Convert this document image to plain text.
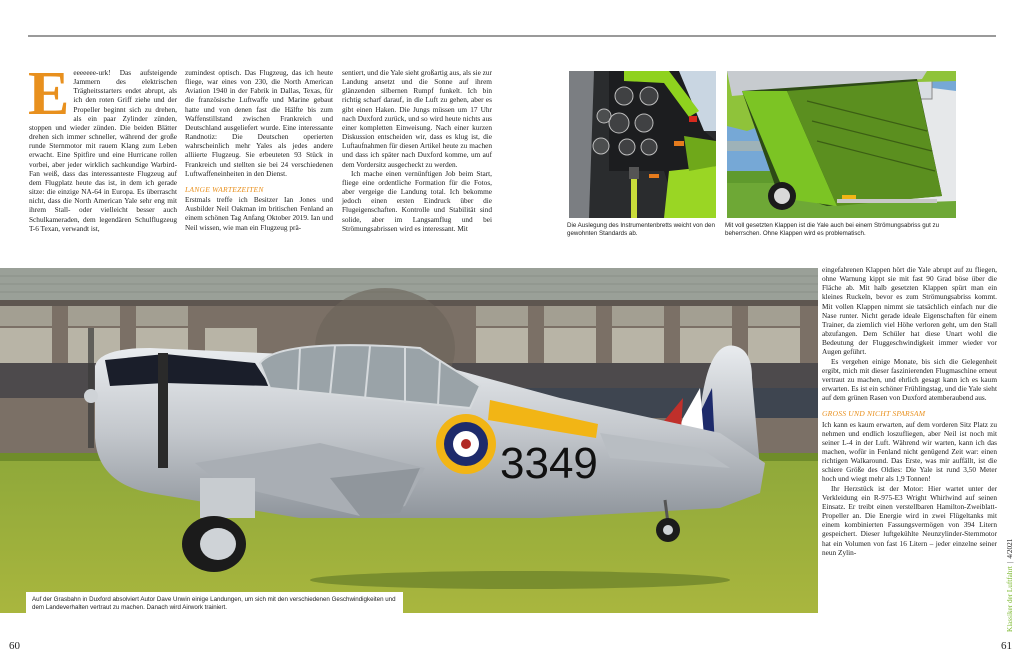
E eeeeeee-urk! Das aufsteigende Jammern des elektrischen Trägheitsstarters endet abrupt, als ich den roten Griff ziehe und der Propeller beginnt sich zu drehen, als ein paar Zylinder zünden, stoppen und wieder zünden. Die beiden Blätter drehen sich immer schneller, während der große runde Sternmotor mit rauem Klang zum Leben erwacht. Eine Spitfire und eine Hurricane rollen vorbei, aber jeder wirklich sachkundige Warbird-Fan weiß, dass das interessanteste Flugzeug auf dem Flugplatz heute das ist, in dem ich gerade sitze: die einzige NA-64 in Europa. Es überrascht nicht, dass die North American Yale sehr eng mit ihrem Stall- oder vielleicht besser auch Schulkameraden, dem legendären Schulflugzeug T-6 Texan, verwandt ist,

zumindest optisch. Das Flugzeug, das ich heute fliege, war eines von 230, die North American Aviation 1940 in der Fabrik in Dallas, Texas, für die französische Luftwaffe und Marine gebaut hatte und von denen fast die Hälfte bis zum Waffenstillstand zwischen Frankreich und Deutschland ausgeliefert wurde. Eine interessante Randnotiz: Die Deutschen operierten wahrscheinlich mehr Yales als jedes andere alliierte Flugzeug. Sie erbeuteten 93 Stück in Frankreich und stellten sie bei 24 verschiedenen Luftwaffeneinheiten in den Dienst.

LANGE WARTEZEITEN

Erstmals treffe ich Besitzer Ian Jones und Ausbilder Neil Oakman im britischen Fenland an einem schönen Tag Anfang Oktober 2019. Ian und Neil wissen, wie man ein Flugzeug prä-

sentiert, und die Yale sieht großartig aus, als sie zur Landung ansetzt und die Sonne auf ihrem glänzenden silbernen Rumpf funkelt. Ich bin richtig scharf darauf, in die Luft zu gehen, aber es gibt einen Haken. Die Jungs müssen um 17 Uhr nach Duxford zurück, und so wird heute nichts aus einer kompletten Einweisung. Nach einer kurzen Diskussion entscheiden wir, dass es klug ist, die Luftaufnahmen für diesen Artikel heute zu machen und dass ich später nach Duxford komme, um auf dem Vordersitz ausgecheckt zu werden.

Ich mache einen vernünftigen Job beim Start, fliege eine ordentliche Formation für die Fotos, aber vergeige die Landung total. Ich bekomme jedoch einen ersten Eindruck über die Flugeigenschaften. Kontrolle und Stabilität sind solide, aber im Langsamflug und bei Strömungsabrissen wird es interessant. Mit	Die Auslegung des Instrumentenbretts weicht von den gewohnten Standards ab.
Mit voll gesetzten Klappen ist die Yale auch bei einem Strömungsabriss gut zu beherrschen. Ohne Klappen wird es problematisch.
3349
Auf der Grasbahn in Duxford absolviert Autor Dave Unwin einige Landungen, um sich mit den verschiedenen Geschwindigkeiten und dem Landeverhalten vertraut zu machen. Danach wird Airwork trainiert.

eingefahrenen Klappen hört die Yale abrupt auf zu fliegen, ohne Warnung kippt sie mit fast 90 Grad böse über die Fläche ab. Mit halb gesetzten Klappen spürt man ein kleines Ruckeln, bevor es zum Strömungsabriss kommt. Mit vollen Klappen nimmt sie tatsächlich einfach nur die Nase runter. Nicht gerade ideale Eigenschaften für einem Trainer, da ziemlich viel Höhe verloren geht, um den Stall abzufangen. Dem Schüler hat diese Unart wohl die Bedeutung der Fluggeschwindigkeit immer wieder vor Augen geführt.

Es vergehen einige Monate, bis sich die Gelegenheit ergibt, mich mit dieser faszinierenden Flugmaschine erneut vertraut zu machen, und ehrlich gesagt kann ich es kaum erwarten. Es ist ein schöner Frühlingstag, und die Yale sieht auf dem grünen Rasen von Duxford atemberaubend aus.

GROSS UND NICHT SPARSAM

Ich kann es kaum erwarten, auf dem vorderen Sitz Platz zu nehmen und endlich loszufliegen, aber Neil ist noch mit seiner L-4 in der Luft. Während wir warten, kann ich das machen, wofür in Fenland nicht genügend Zeit war: einen richtigen Walkaround. Das Erste, was mir auffällt, ist die schiere Größe des Oldies: Die Yale ist rund 3,50 Meter hoch und wiegt mehr als 1,9 Tonnen!

Ihr Herzstück ist der Motor: Hier wartet unter der Verkleidung ein R-975-E3 Wright Whirlwind auf seinen Einsatz. Er treibt einen verstellbaren Hamilton-Zweiblatt-Propeller an. Die Energie wird in zwei Flügeltanks mit einem kombinierten Fassungsvermögen von 394 Litern gespeichert. Dieser luftgekühlte Neunzylinder-Sternmotor hat ein Volumen von fast 16 Litern – jeder einzelne seiner neun Zylin-

60	61
Klassiker der Luftfahrt|4/2021
